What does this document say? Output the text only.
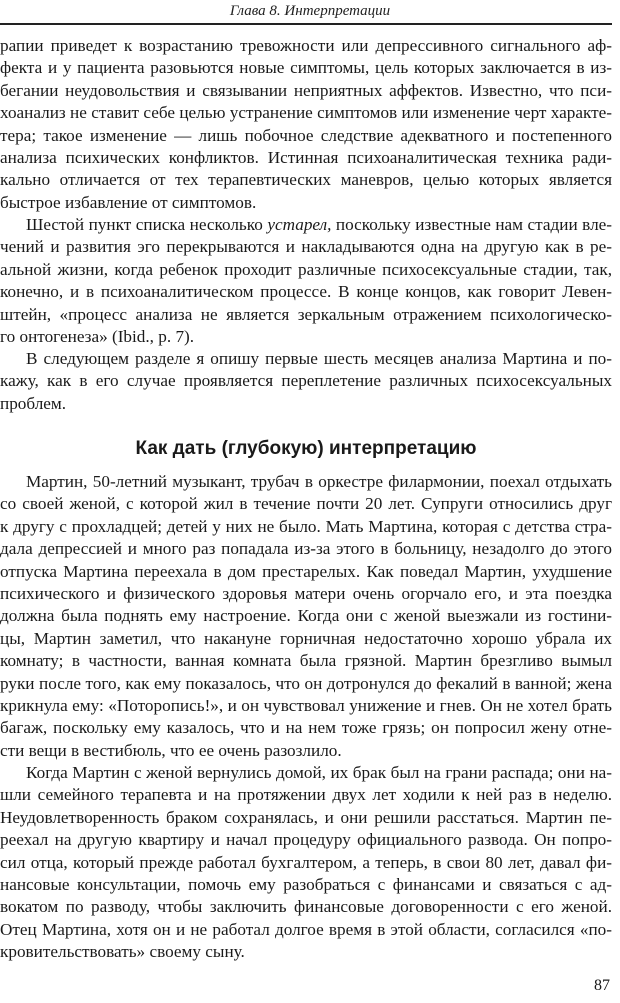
Глава 8. Интерпретации
рапии приведет к возрастанию тревожности или депрессивного сигнального аф-
фекта и у пациента разовьются новые симптомы, цель которых заключается в из-
бегании неудовольствия и связывании неприятных аффектов. Известно, что пси-
хоанализ не ставит себе целью устранение симптомов или изменение черт характе-
тера; такое изменение — лишь побочное следствие адекватного и постепенного
анализа психических конфликтов. Истинная психоаналитическая техника ради-
кально отличается от тех терапевтических маневров, целью которых является
быстрое избавление от симптомов.
Шестой пункт списка несколько устарел, поскольку известные нам стадии вле-
чений и развития эго перекрываются и накладываются одна на другую как в ре-
альной жизни, когда ребенок проходит различные психосексуальные стадии, так,
конечно, и в психоаналитическом процессе. В конце концов, как говорит Левен-
штейн, «процесс анализа не является зеркальным отражением психологическо-
го онтогенеза» (Ibid., p. 7).
В следующем разделе я опишу первые шесть месяцев анализа Мартина и по-
кажу, как в его случае проявляется переплетение различных психосексуальных
проблем.
Как дать (глубокую) интерпретацию
Мартин, 50-летний музыкант, трубач в оркестре филармонии, поехал отдыхать
со своей женой, с которой жил в течение почти 20 лет. Супруги относились друг
к другу с прохладцей; детей у них не было. Мать Мартина, которая с детства стра-
дала депрессией и много раз попадала из-за этого в больницу, незадолго до этого
отпуска Мартина переехала в дом престарелых. Как поведал Мартин, ухудшение
психического и физического здоровья матери очень огорчало его, и эта поездка
должна была поднять ему настроение. Когда они с женой выезжали из гостини-
цы, Мартин заметил, что накануне горничная недостаточно хорошо убрала их
комнату; в частности, ванная комната была грязной. Мартин брезгливо вымыл
руки после того, как ему показалось, что он дотронулся до фекалий в ванной; жена
крикнула ему: «Поторопись!», и он чувствовал унижение и гнев. Он не хотел брать
багаж, поскольку ему казалось, что и на нем тоже грязь; он попросил жену отне-
сти вещи в вестибюль, что ее очень разозлило.
Когда Мартин с женой вернулись домой, их брак был на грани распада; они на-
шли семейного терапевта и на протяжении двух лет ходили к ней раз в неделю.
Неудовлетворенность браком сохранялась, и они решили расстаться. Мартин пе-
реехал на другую квартиру и начал процедуру официального развода. Он попро-
сил отца, который прежде работал бухгалтером, а теперь, в свои 80 лет, давал фи-
нансовые консультации, помочь ему разобраться с финансами и связаться с ад-
вокатом по разводу, чтобы заключить финансовые договоренности с его женой.
Отец Мартина, хотя он и не работал долгое время в этой области, согласился «по-
кровительствовать» своему сыну.
87
